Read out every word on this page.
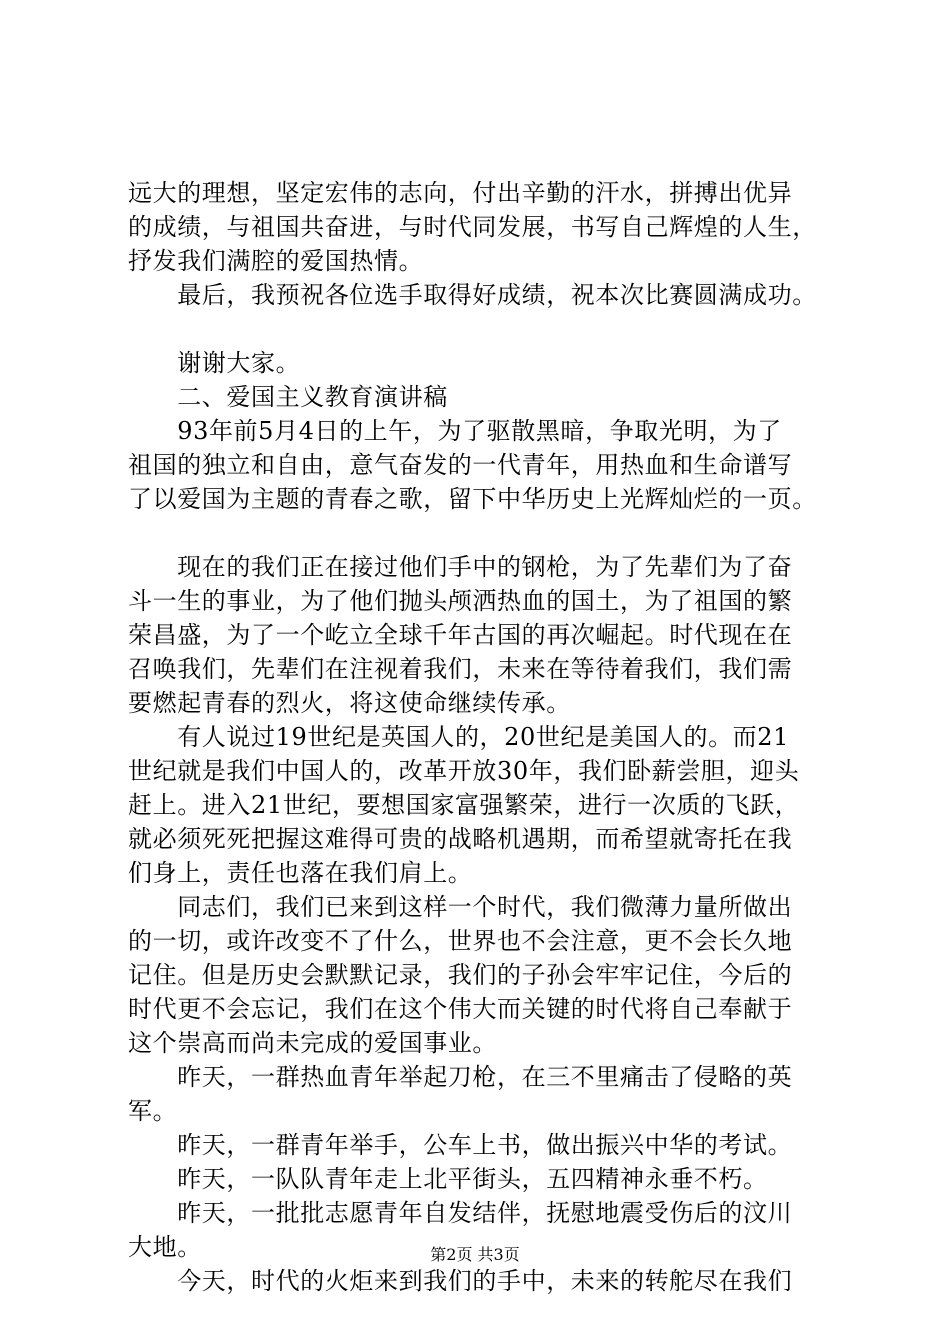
远大的理想，坚定宏伟的志向，付出辛勤的汗水，拼搏出优异
的成绩，与祖国共奋进，与时代同发展，书写自己辉煌的人生，
抒发我们满腔的爱国热情。
　　最后，我预祝各位选手取得好成绩，祝本次比赛圆满成功。
　　谢谢大家。
　　二、爱国主义教育演讲稿
　　93年前5月4日的上午，为了驱散黑暗，争取光明，为了
祖国的独立和自由，意气奋发的一代青年，用热血和生命谱写
了以爱国为主题的青春之歌，留下中华历史上光辉灿烂的一页。
　　现在的我们正在接过他们手中的钢枪，为了先辈们为了奋
斗一生的事业，为了他们抛头颅洒热血的国土，为了祖国的繁
荣昌盛，为了一个屹立全球千年古国的再次崛起。时代现在在
召唤我们，先辈们在注视着我们，未来在等待着我们，我们需
要燃起青春的烈火，将这使命继续传承。
　　有人说过19世纪是英国人的，20世纪是美国人的。而21
世纪就是我们中国人的，改革开放30年，我们卧薪尝胆，迎头
赶上。进入21世纪，要想国家富强繁荣，进行一次质的飞跃，
就必须死死把握这难得可贵的战略机遇期，而希望就寄托在我
们身上，责任也落在我们肩上。
　　同志们，我们已来到这样一个时代，我们微薄力量所做出
的一切，或许改变不了什么，世界也不会注意，更不会长久地
记住。但是历史会默默记录，我们的子孙会牢牢记住，今后的
时代更不会忘记，我们在这个伟大而关键的时代将自己奉献于
这个崇高而尚未完成的爱国事业。
　　昨天，一群热血青年举起刀枪，在三不里痛击了侵略的英
军。
　　昨天，一群青年举手，公车上书，做出振兴中华的考试。
　　昨天，一队队青年走上北平街头，五四精神永垂不朽。
　　昨天，一批批志愿青年自发结伴，抚慰地震受伤后的汶川
大地。
　　今天，时代的火炬来到我们的手中，未来的转舵尽在我们
第2页 共3页
